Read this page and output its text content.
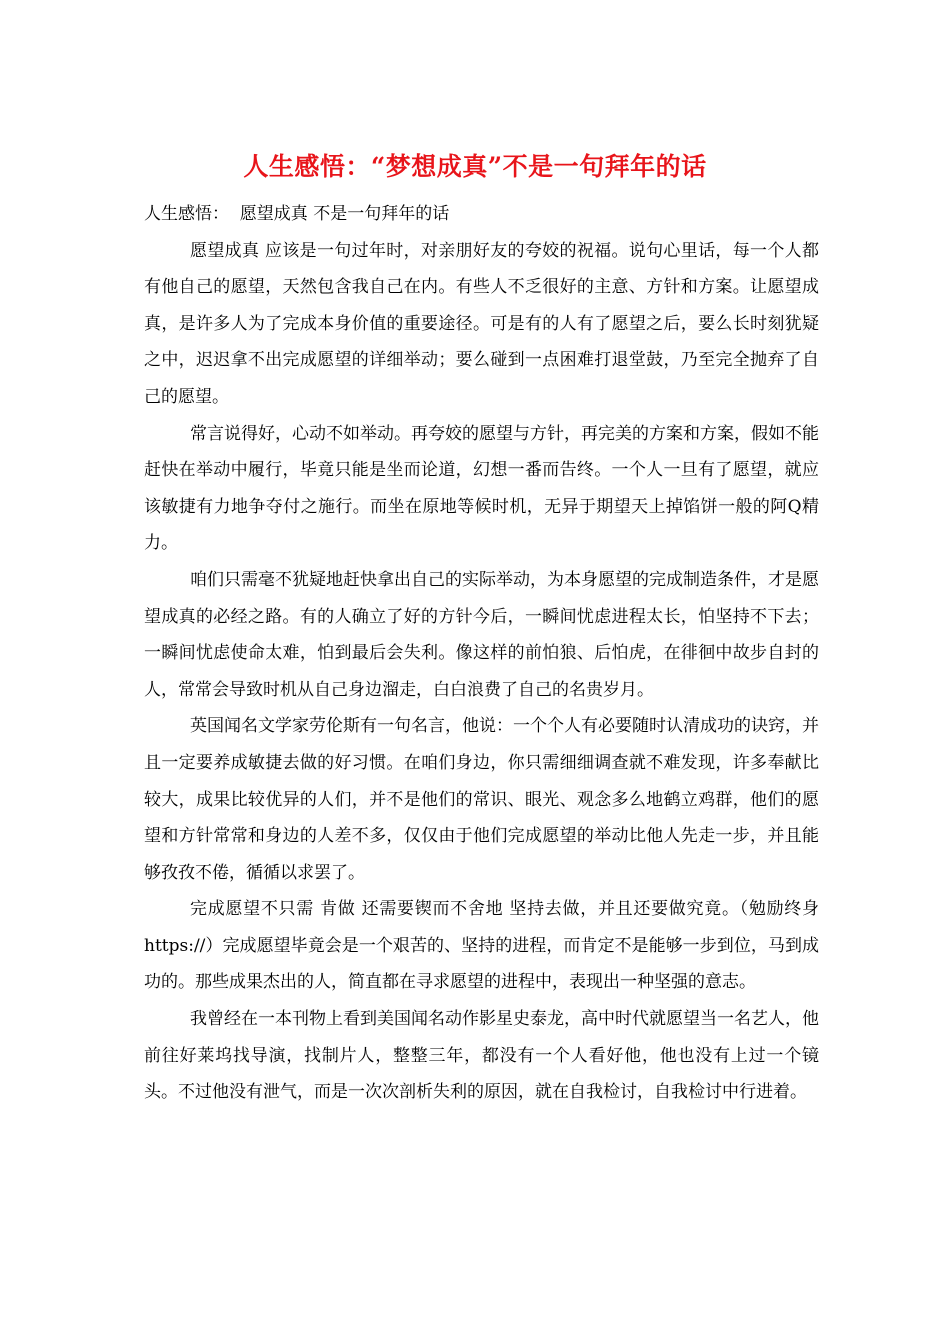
人生感悟：“梦想成真”不是一句拜年的话

人生感悟：  愿望成真 不是一句拜年的话

愿望成真 应该是一句过年时，对亲朋好友的夸姣的祝福。说句心里话，每一个人都有他自己的愿望，天然包含我自己在内。有些人不乏很好的主意、方针和方案。让愿望成真，是许多人为了完成本身价值的重要途径。可是有的人有了愿望之后，要么长时刻犹疑之中，迟迟拿不出完成愿望的详细举动；要么碰到一点困难打退堂鼓，乃至完全抛弃了自己的愿望。

常言说得好，心动不如举动。再夸姣的愿望与方针，再完美的方案和方案，假如不能赶快在举动中履行，毕竟只能是坐而论道，幻想一番而告终。一个人一旦有了愿望，就应该敏捷有力地争夺付之施行。而坐在原地等候时机，无异于期望天上掉馅饼一般的阿Q精力。

咱们只需毫不犹疑地赶快拿出自己的实际举动，为本身愿望的完成制造条件，才是愿望成真的必经之路。有的人确立了好的方针今后，一瞬间忧虑进程太长，怕坚持不下去；一瞬间忧虑使命太难，怕到最后会失利。像这样的前怕狼、后怕虎，在徘徊中故步自封的人，常常会导致时机从自己身边溜走，白白浪费了自己的名贵岁月。

英国闻名文学家劳伦斯有一句名言，他说：一个个人有必要随时认清成功的诀窍，并且一定要养成敏捷去做的好习惯。在咱们身边，你只需细细调查就不难发现，许多奉献比较大，成果比较优异的人们，并不是他们的常识、眼光、观念多么地鹤立鸡群，他们的愿望和方针常常和身边的人差不多，仅仅由于他们完成愿望的举动比他人先走一步，并且能够孜孜不倦，循循以求罢了。

完成愿望不只需 肯做 还需要锲而不舍地 坚持去做，并且还要做究竟。（勉励终身 https://）完成愿望毕竟会是一个艰苦的、坚持的进程，而肯定不是能够一步到位，马到成功的。那些成果杰出的人，简直都在寻求愿望的进程中，表现出一种坚强的意志。

我曾经在一本刊物上看到美国闻名动作影星史泰龙，高中时代就愿望当一名艺人，他前往好莱坞找导演，找制片人，整整三年，都没有一个人看好他，他也没有上过一个镜头。不过他没有泄气，而是一次次剖析失利的原因，就在自我检讨，自我检讨中行进着。
